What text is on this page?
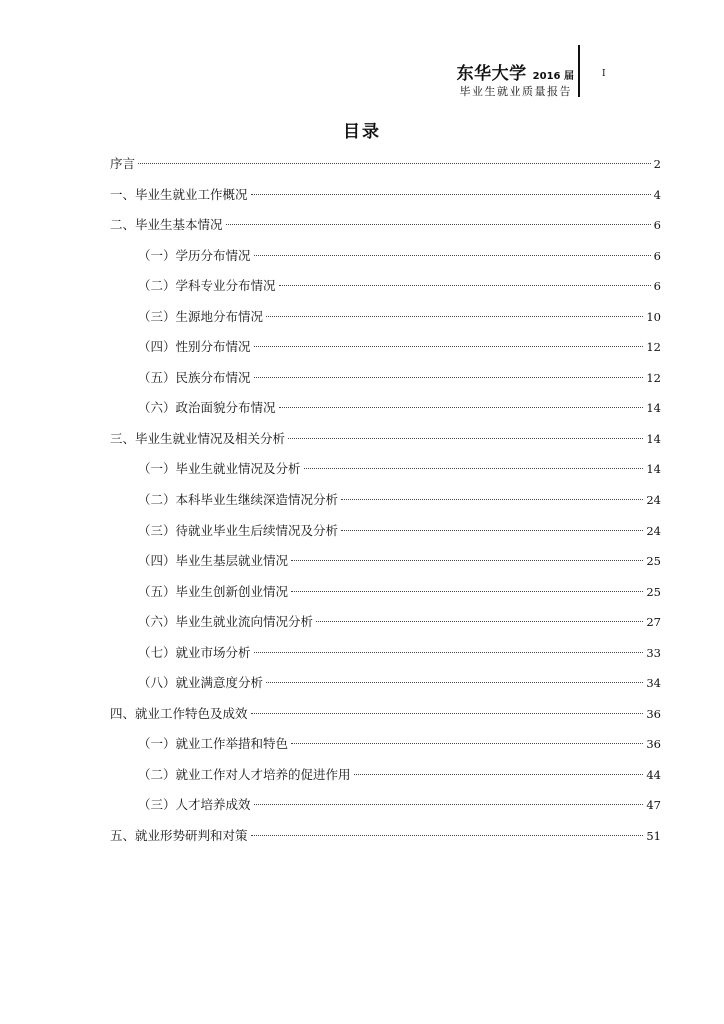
东华大学 2016 届
毕业生就业质量报告
I
目录
序言	2
一、毕业生就业工作概况	4
二、毕业生基本情况	6
（一）学历分布情况	6
（二）学科专业分布情况	6
（三）生源地分布情况	10
（四）性别分布情况	12
（五）民族分布情况	12
（六）政治面貌分布情况	14
三、毕业生就业情况及相关分析	14
（一）毕业生就业情况及分析	14
（二）本科毕业生继续深造情况分析	24
（三）待就业毕业生后续情况及分析	24
（四）毕业生基层就业情况	25
（五）毕业生创新创业情况	25
（六）毕业生就业流向情况分析	27
（七）就业市场分析	33
（八）就业满意度分析	34
四、就业工作特色及成效	36
（一）就业工作举措和特色	36
（二）就业工作对人才培养的促进作用	44
（三）人才培养成效	47
五、就业形势研判和对策	51
